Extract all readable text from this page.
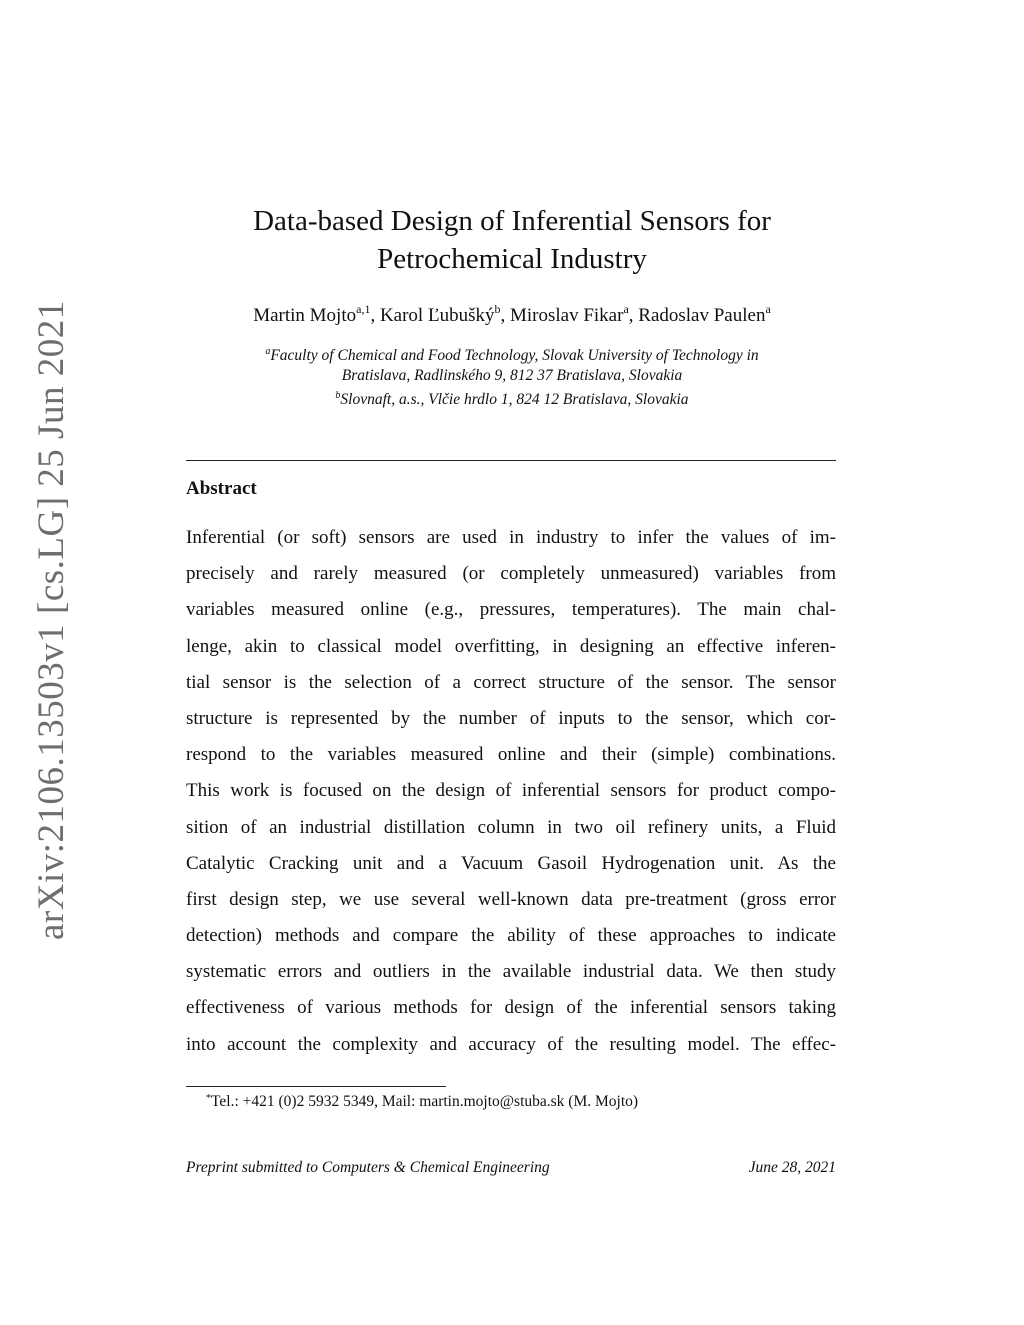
arXiv:2106.13503v1 [cs.LG] 25 Jun 2021
Data-based Design of Inferential Sensors for
Petrochemical Industry
Martin Mojto$^{a,1}$, Karol Ľubušký$^b$, Miroslav Fikar$^a$, Radoslav Paulen$^a$
$^a$Faculty of Chemical and Food Technology, Slovak University of Technology in
Bratislava, Radlinského 9, 812 37 Bratislava, Slovakia
$^b$Slovnaft, a.s., Vlčie hrdlo 1, 824 12 Bratislava, Slovakia
Abstract
Inferential (or soft) sensors are used in industry to infer the values of im-
precisely and rarely measured (or completely unmeasured) variables from
variables measured online (e.g., pressures, temperatures). The main chal-
lenge, akin to classical model overfitting, in designing an effective inferen-
tial sensor is the selection of a correct structure of the sensor. The sensor
structure is represented by the number of inputs to the sensor, which cor-
respond to the variables measured online and their (simple) combinations.
This work is focused on the design of inferential sensors for product compo-
sition of an industrial distillation column in two oil refinery units, a Fluid
Catalytic Cracking unit and a Vacuum Gasoil Hydrogenation unit. As the
first design step, we use several well-known data pre-treatment (gross error
detection) methods and compare the ability of these approaches to indicate
systematic errors and outliers in the available industrial data. We then study
effectiveness of various methods for design of the inferential sensors taking
into account the complexity and accuracy of the resulting model. The effec-
*Tel.: +421 (0)2 5932 5349, Mail: martin.mojto@stuba.sk (M. Mojto)
Preprint submitted to Computers & Chemical Engineering	June 28, 2021
